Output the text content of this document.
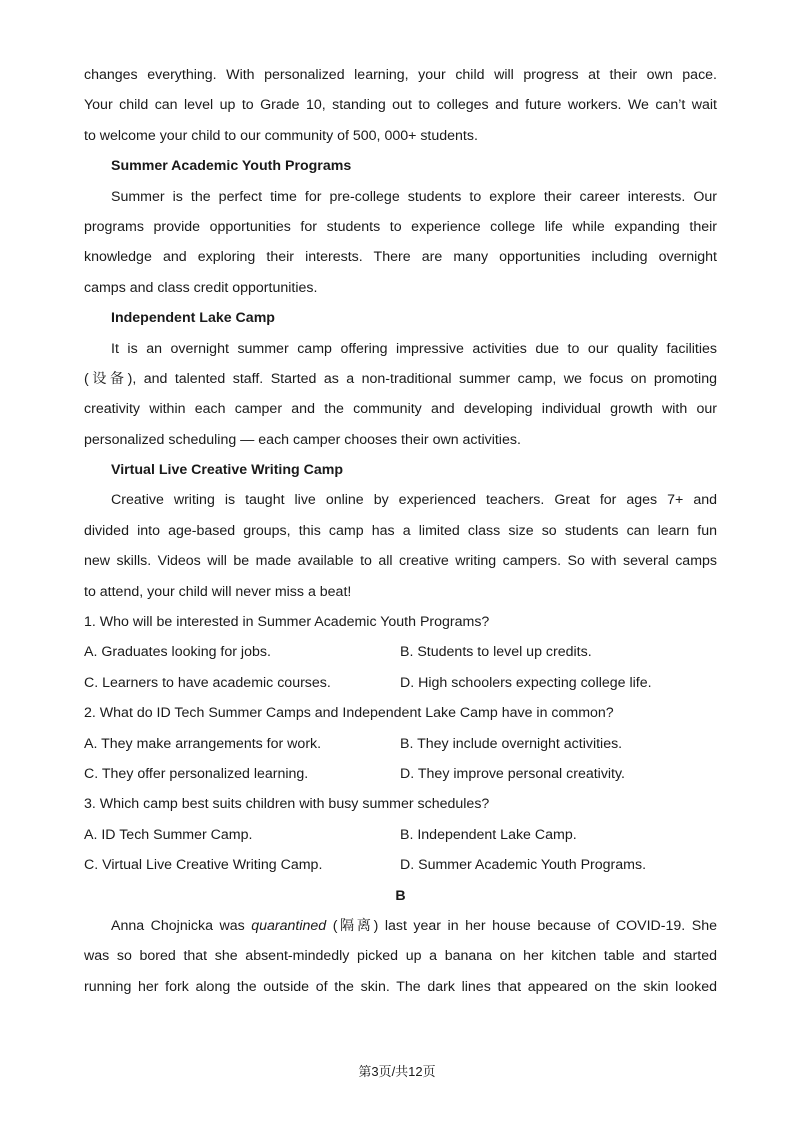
changes everything. With personalized learning, your child will progress at their own pace.
Your child can level up to Grade 10, standing out to colleges and future workers. We can’t wait
to welcome your child to our community of 500, 000+ students.
Summer Academic Youth Programs
Summer is the perfect time for pre-college students to explore their career interests. Our
programs provide opportunities for students to experience college life while expanding their
knowledge and exploring their interests. There are many opportunities including overnight
camps and class credit opportunities.
Independent Lake Camp
It is an overnight summer camp offering impressive activities due to our quality facilities
(设备), and talented staff. Started as a non-traditional summer camp, we focus on promoting
creativity within each camper and the community and developing individual growth with our
personalized scheduling — each camper chooses their own activities.
Virtual Live Creative Writing Camp
Creative writing is taught live online by experienced teachers. Great for ages 7+ and
divided into age-based groups, this camp has a limited class size so students can learn fun
new skills. Videos will be made available to all creative writing campers. So with several camps
to attend, your child will never miss a beat!
1. Who will be interested in Summer Academic Youth Programs?
A. Graduates looking for jobs.	B. Students to level up credits.
C. Learners to have academic courses.	D. High schoolers expecting college life.
2. What do ID Tech Summer Camps and Independent Lake Camp have in common?
A. They make arrangements for work.	B. They include overnight activities.
C. They offer personalized learning.	D. They improve personal creativity.
3. Which camp best suits children with busy summer schedules?
A. ID Tech Summer Camp.	B. Independent Lake Camp.
C. Virtual Live Creative Writing Camp.	D. Summer Academic Youth Programs.
B
Anna Chojnicka was quarantined (隔离) last year in her house because of COVID-19. She
was so bored that she absent-mindedly picked up a banana on her kitchen table and started
running her fork along the outside of the skin. The dark lines that appeared on the skin looked
第3页/共12页
